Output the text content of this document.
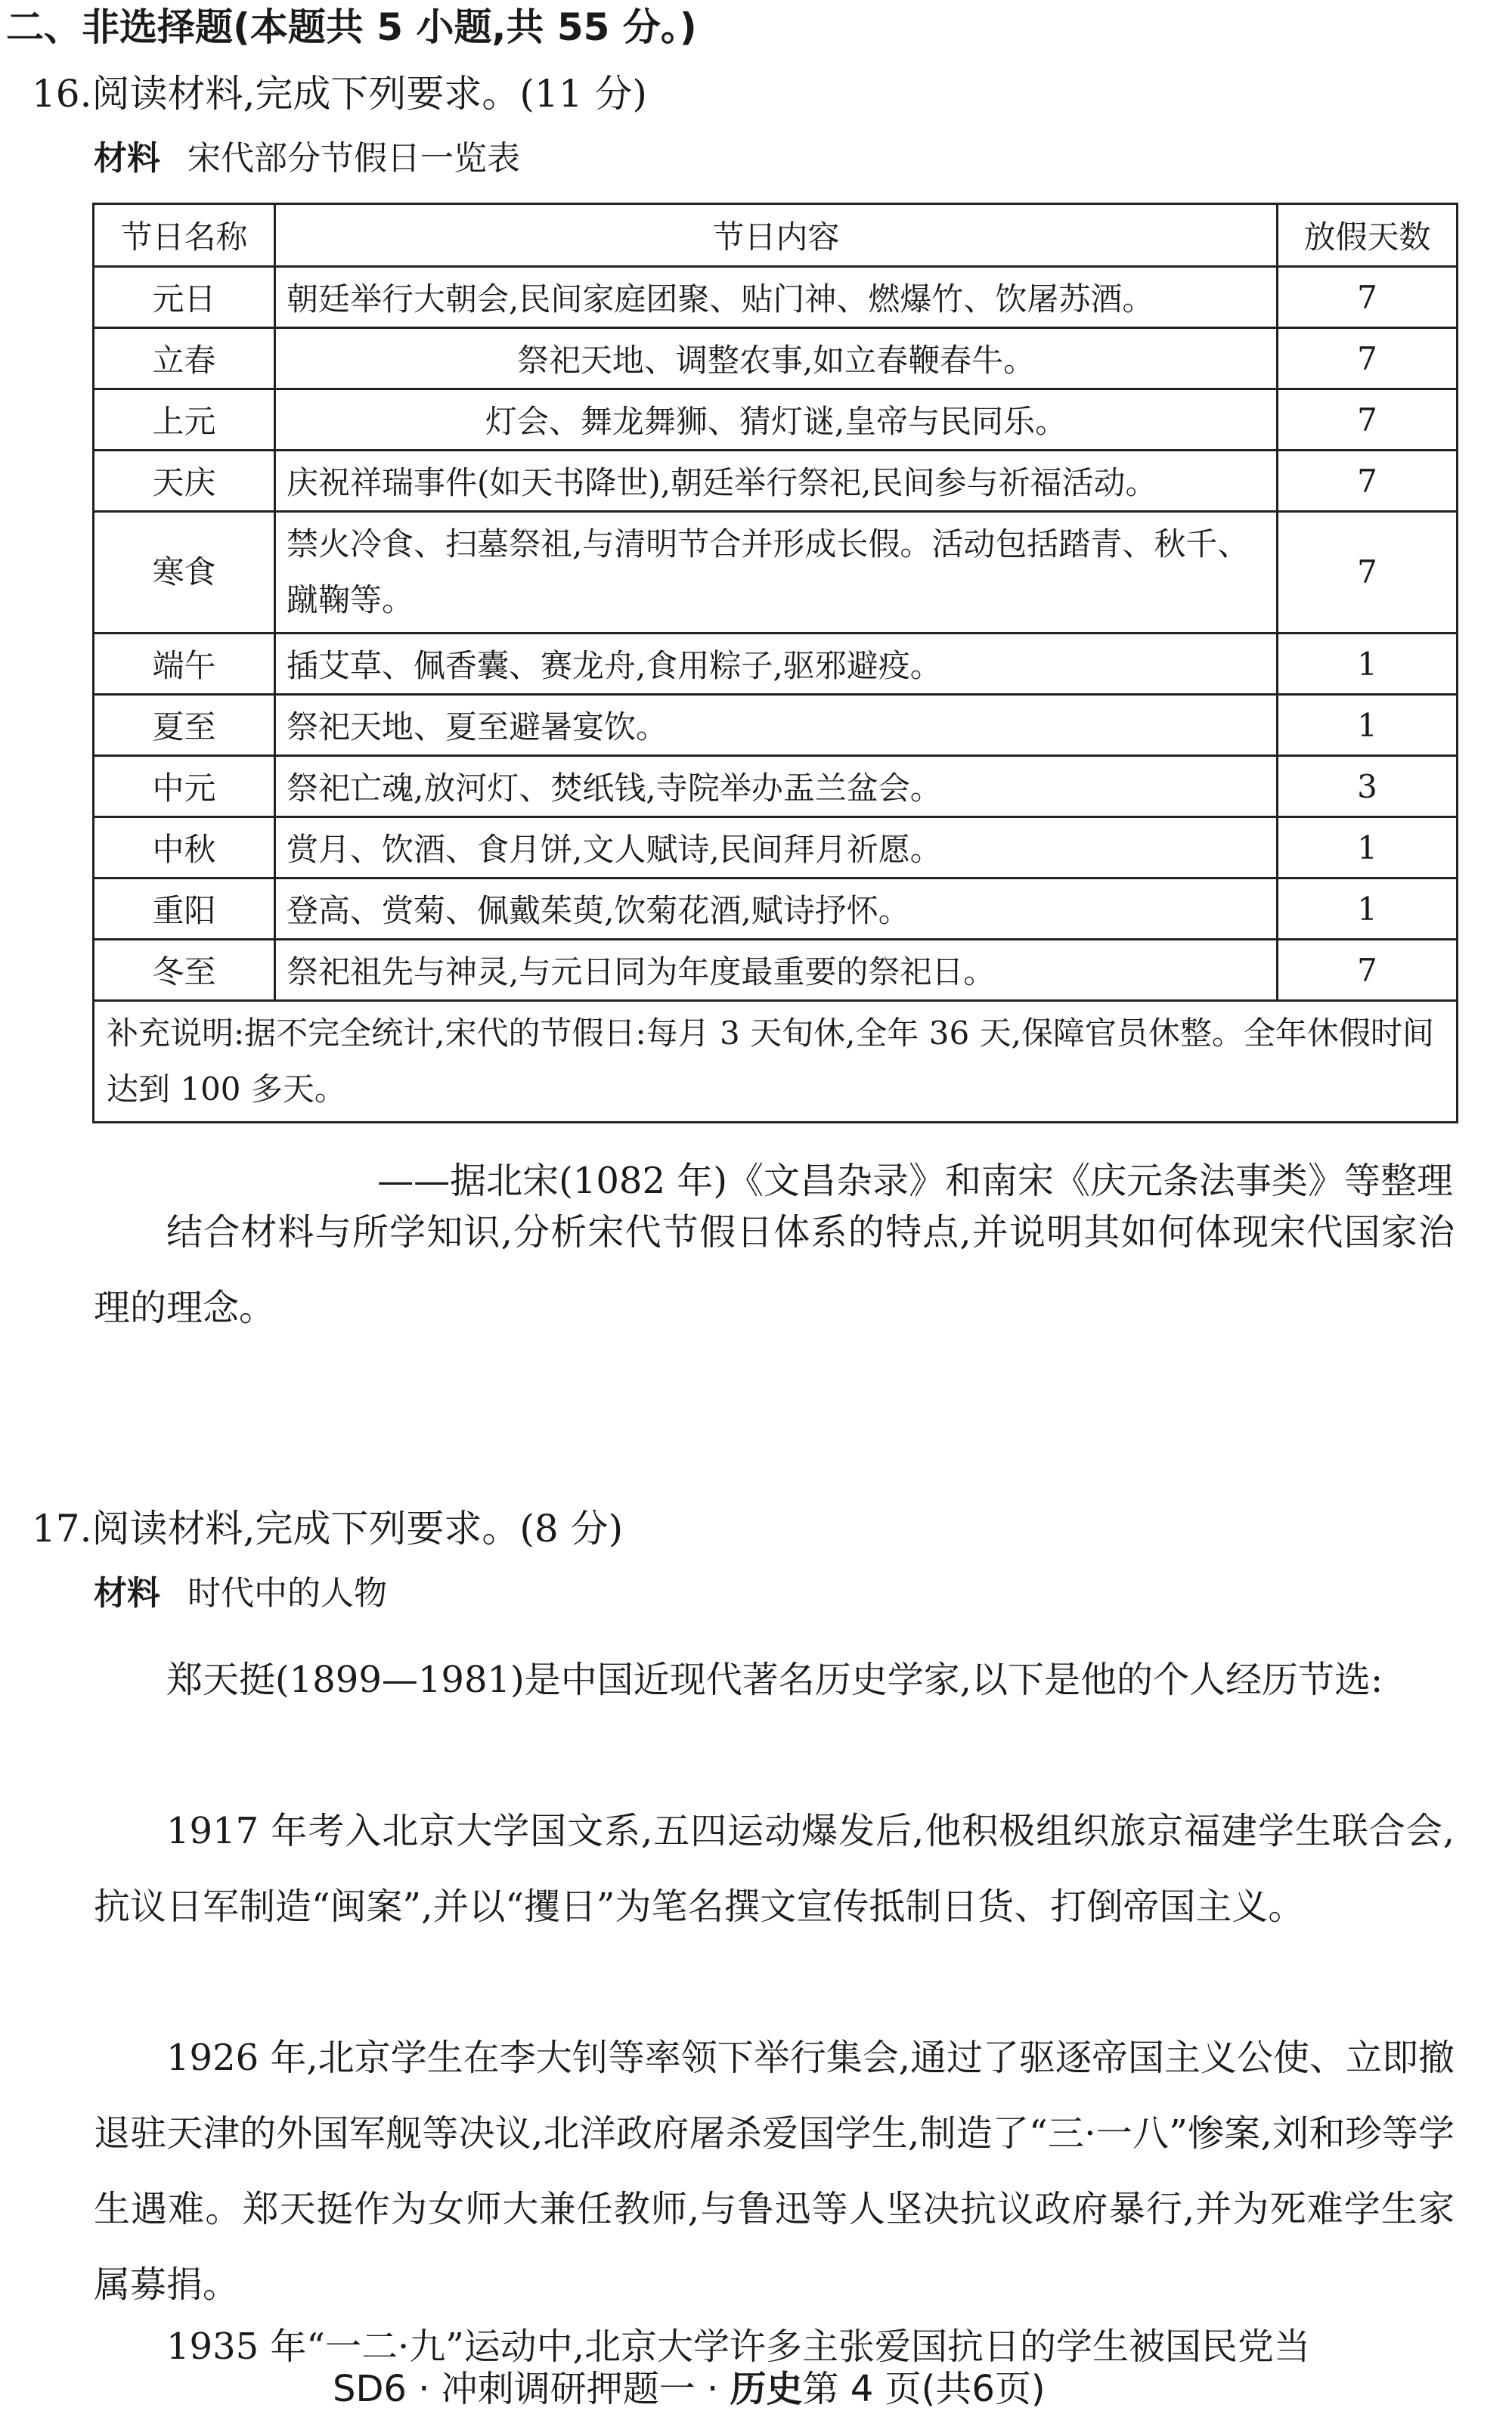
二、非选择题(本题共 5 小题,共 55 分。)
16.阅读材料,完成下列要求。(11 分)
材料 宋代部分节假日一览表
节日名称	节日内容	放假天数
元日	朝廷举行大朝会,民间家庭团聚、贴门神、燃爆竹、饮屠苏酒。	7
立春	祭祀天地、调整农事,如立春鞭春牛。	7
上元	灯会、舞龙舞狮、猜灯谜,皇帝与民同乐。	7
天庆	庆祝祥瑞事件(如天书降世),朝廷举行祭祀,民间参与祈福活动。	7
寒食	禁火冷食、扫墓祭祖,与清明节合并形成长假。活动包括踏青、秋千、蹴鞠等。	7
端午	插艾草、佩香囊、赛龙舟,食用粽子,驱邪避疫。	1
夏至	祭祀天地、夏至避暑宴饮。	1
中元	祭祀亡魂,放河灯、焚纸钱,寺院举办盂兰盆会。	3
中秋	赏月、饮酒、食月饼,文人赋诗,民间拜月祈愿。	1
重阳	登高、赏菊、佩戴茱萸,饮菊花酒,赋诗抒怀。	1
冬至	祭祀祖先与神灵,与元日同为年度最重要的祭祀日。	7
补充说明:据不完全统计,宋代的节假日:每月 3 天旬休,全年 36 天,保障官员休整。全年休假时间达到 100 多天。		
——据北宋(1082 年)《文昌杂录》和南宋《庆元条法事类》等整理
结合材料与所学知识,分析宋代节假日体系的特点,并说明其如何体现宋代国家治理的理念。
17.阅读材料,完成下列要求。(8 分)
材料 时代中的人物
郑天挺(1899—1981)是中国近现代著名历史学家,以下是他的个人经历节选:
1917 年考入北京大学国文系,五四运动爆发后,他积极组织旅京福建学生联合会,抗议日军制造“闽案”,并以“攫日”为笔名撰文宣传抵制日货、打倒帝国主义。
1926 年,北京学生在李大钊等率领下举行集会,通过了驱逐帝国主义公使、立即撤退驻天津的外国军舰等决议,北洋政府屠杀爱国学生,制造了“三·一八”惨案,刘和珍等学生遇难。郑天挺作为女师大兼任教师,与鲁迅等人坚决抗议政府暴行,并为死难学生家属募捐。
1935 年“一二·九”运动中,北京大学许多主张爱国抗日的学生被国民党当
SD6 · 冲刺调研押题一 · 历史第 4 页(共6页)
